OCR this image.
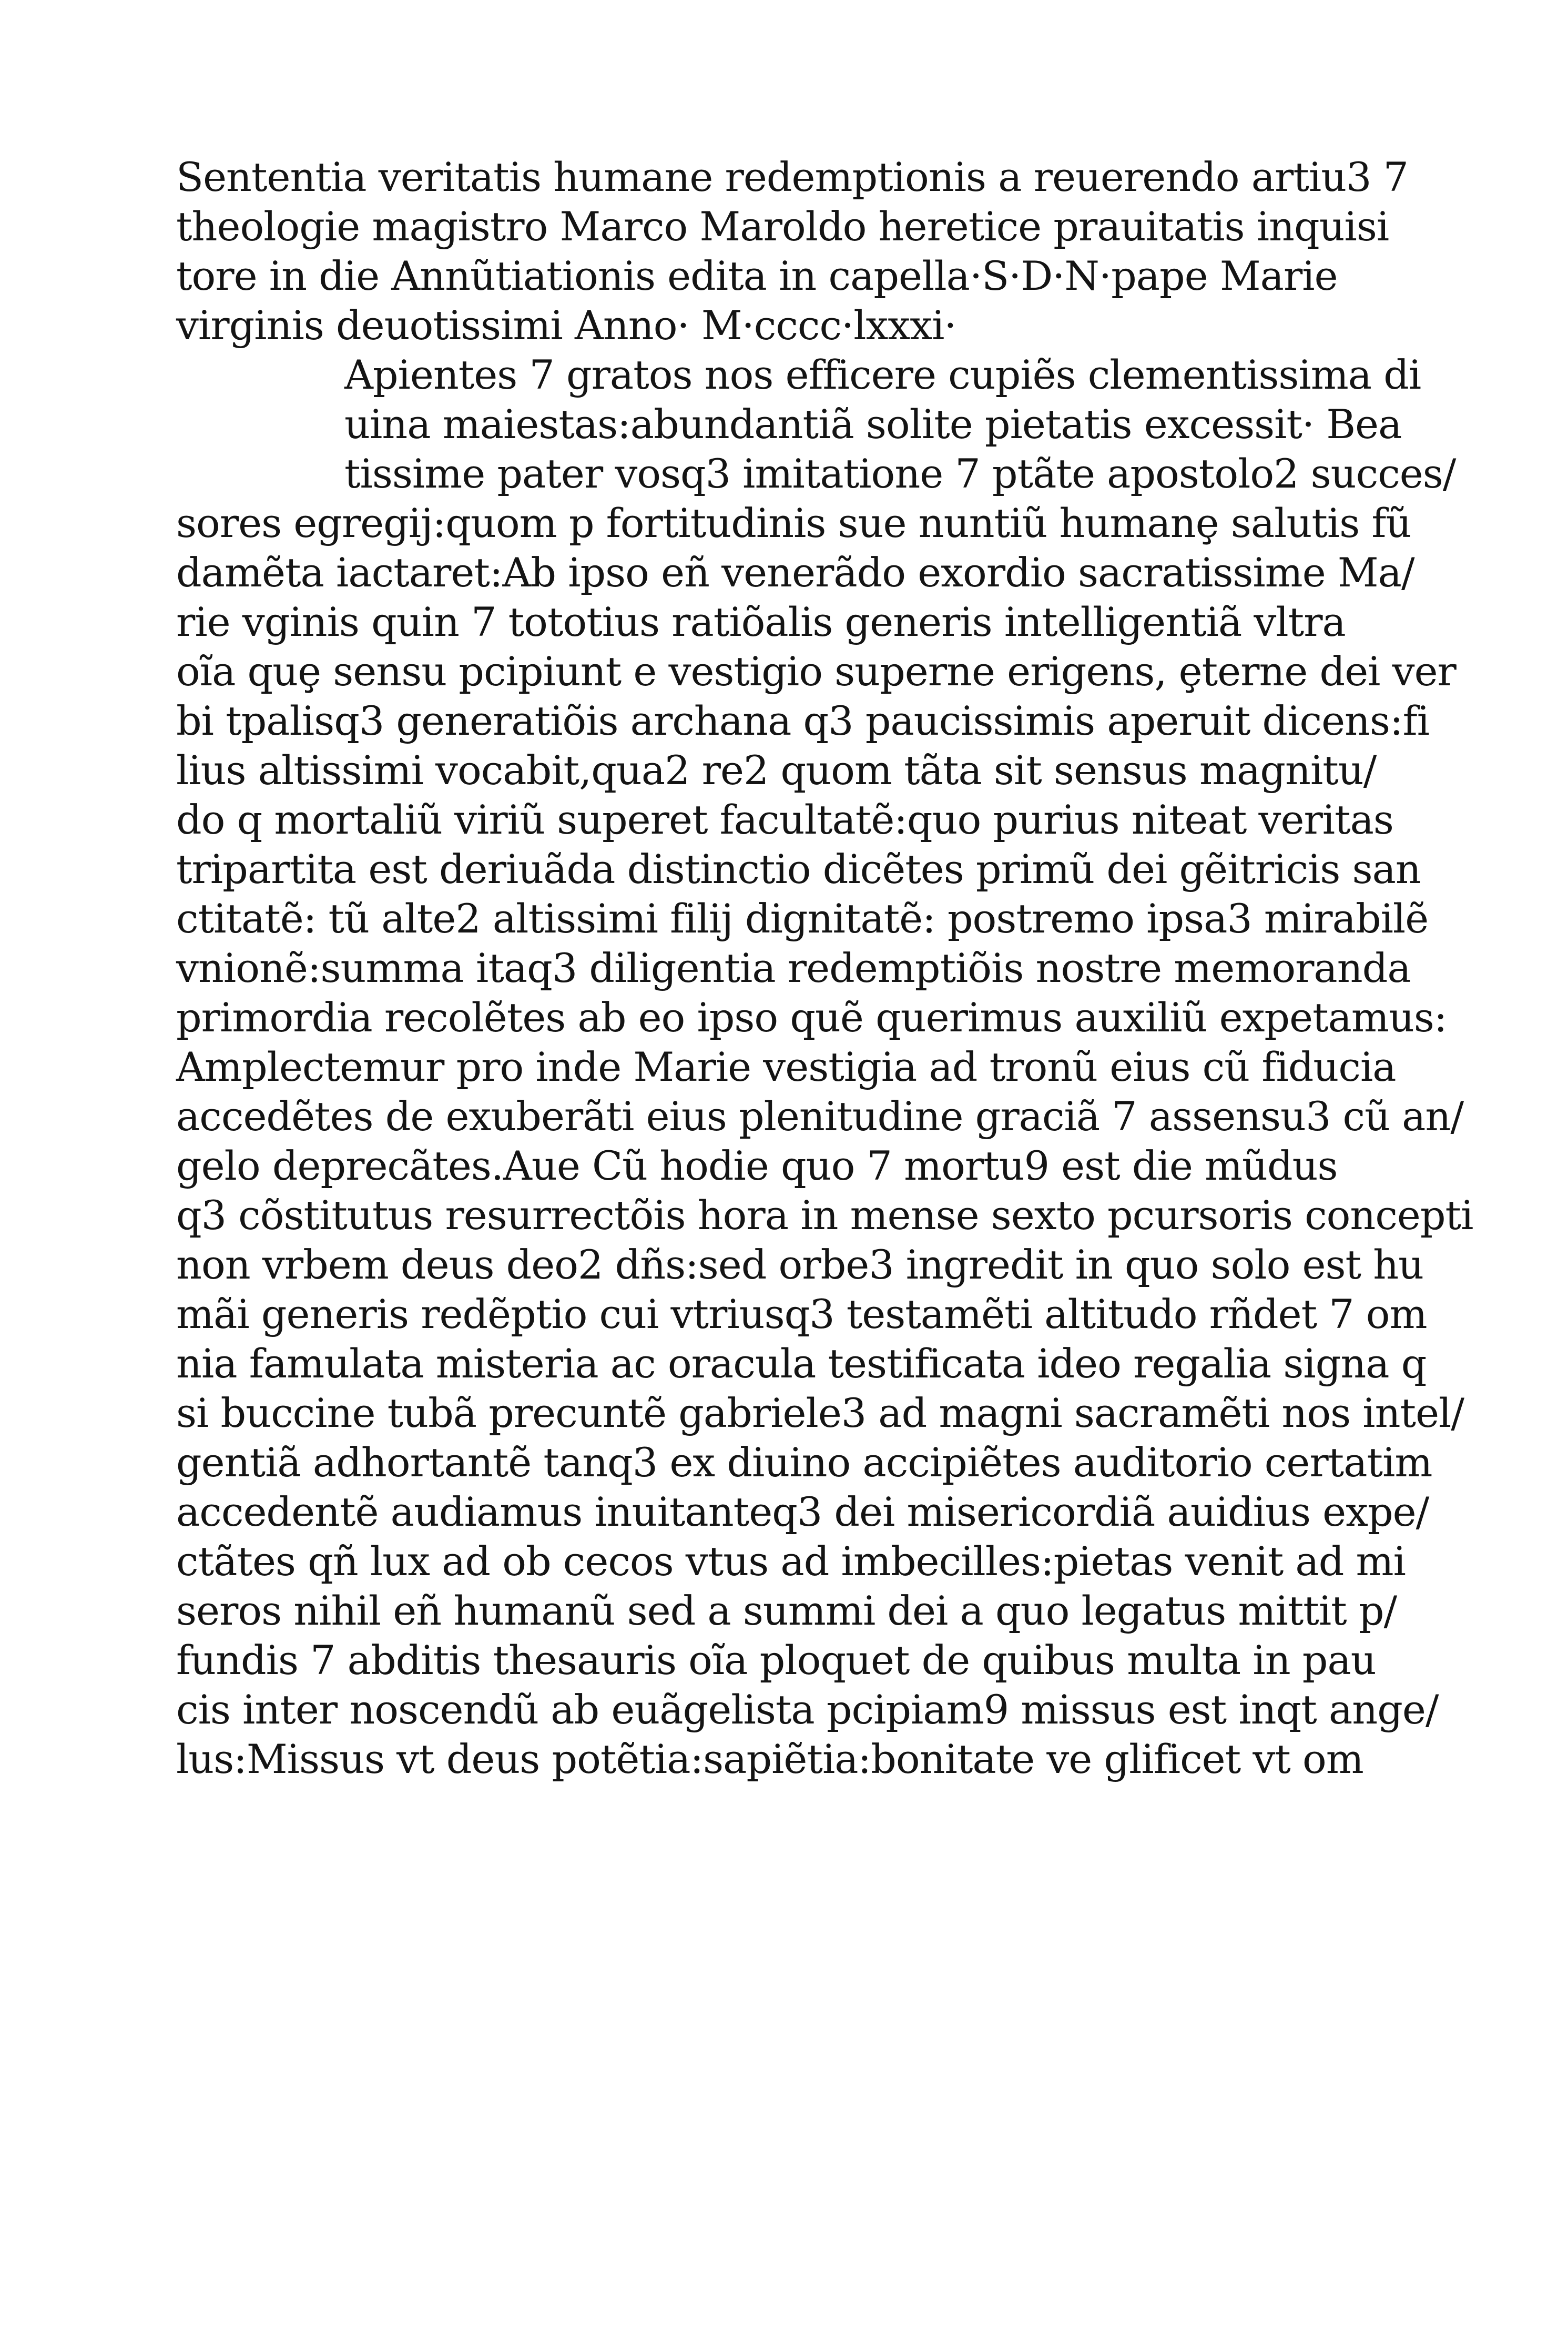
Sententia veritatis humane redemptionis a reuerendo artiu3 7
theologie magistro Marco Maroldo heretice prauitatis inquisi
tore in die Annũtiationis edita in capella·S·D·N·pape Marie
virginis deuotissimi Anno· M·cccc·lxxxi·
Apientes 7 gratos nos efficere cupiẽs clementissima di
uina maiestas:abundantiã solite pietatis excessit· Bea
tissime pater vosq3 imitatione 7 ptãte apostolo2 succes/
sores egregij:quom p fortitudinis sue nuntiũ humanȩ salutis fũ
damẽta iactaret:Ab ipso eñ venerãdo exordio sacratissime Ma/
rie vginis quin 7 tototius ratiõalis generis intelligentiã vltra
oĩa quȩ sensu pcipiunt e vestigio superne erigens, ȩterne dei ver
bi tpalisq3 generatiõis archana q3 paucissimis aperuit dicens:fi
lius altissimi vocabit,qua2 re2 quom tãta sit sensus magnitu/
do q mortaliũ viriũ superet facultatẽ:quo purius niteat veritas
tripartita est deriuãda distinctio dicẽtes primũ dei gẽitricis san
ctitatẽ: tũ alte2 altissimi filij dignitatẽ: postremo ipsa3 mirabilẽ
vnionẽ:summa itaq3 diligentia redemptiõis nostre memoranda
primordia recolẽtes ab eo ipso quẽ querimus auxiliũ expetamus:
Amplectemur pro inde Marie vestigia ad tronũ eius cũ fiducia
accedẽtes de exuberãti eius plenitudine graciã 7 assensu3 cũ an/
gelo deprecãtes.Aue Cũ hodie quo 7 mortu9 est die mũdus
q3 cõstitutus resurrectõis hora in mense sexto pcursoris concepti
non vrbem deus deo2 dñs:sed orbe3 ingredit in quo solo est hu
mãi generis redẽptio cui vtriusq3 testamẽti altitudo rñdet 7 om
nia famulata misteria ac oracula testificata ideo regalia signa q
si buccine tubã precuntẽ gabriele3 ad magni sacramẽti nos intel/
gentiã adhortantẽ tanq3 ex diuino accipiẽtes auditorio certatim
accedentẽ audiamus inuitanteq3 dei misericordiã auidius expe/
ctãtes qñ lux ad ob cecos vtus ad imbecilles:pietas venit ad mi
seros nihil eñ humanũ sed a summi dei a quo legatus mittit p/
fundis 7 abditis thesauris oĩa ploquet de quibus multa in pau
cis inter noscendũ ab euãgelista pcipiam9 missus est inqt ange/
lus:Missus vt deus potẽtia:sapiẽtia:bonitate ve glificet vt om
